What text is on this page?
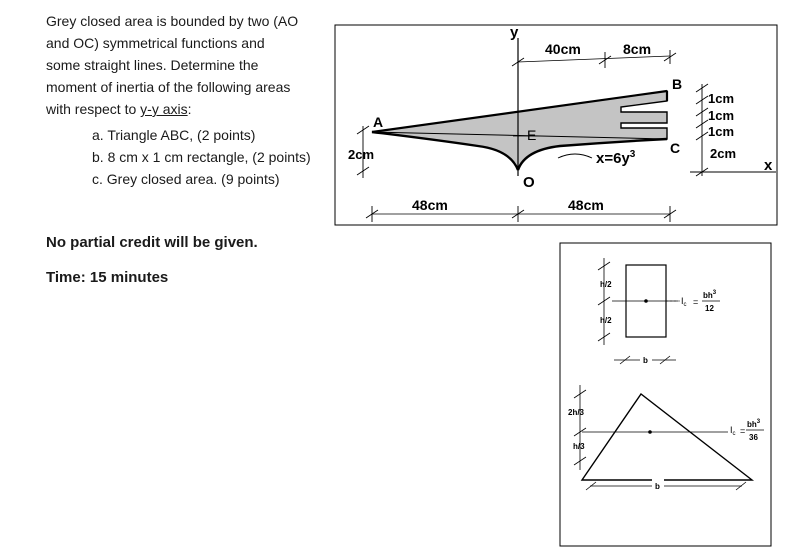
Grey closed area is bounded by two (AO

and OC) symmetrical functions and

some straight lines. Determine the

moment of inertia of the following areas

with respect to y-y axis:

a. Triangle ABC, (2 points)
b. 8 cm x 1 cm rectangle, (2 points)
c. Grey closed area. (9 points)
No partial credit will be given.
Time: 15 minutes
y
x
40cm	8cm
A
B
C
E
O
$x=6y^3$
1cm
1cm
1cm
2cm
2cm
48cm	48cm
h/2
h/2
b
$I_c$ =
$bh^3$
12
2h/3
h/3
b
$I_c$ =
$bh^3$
36
